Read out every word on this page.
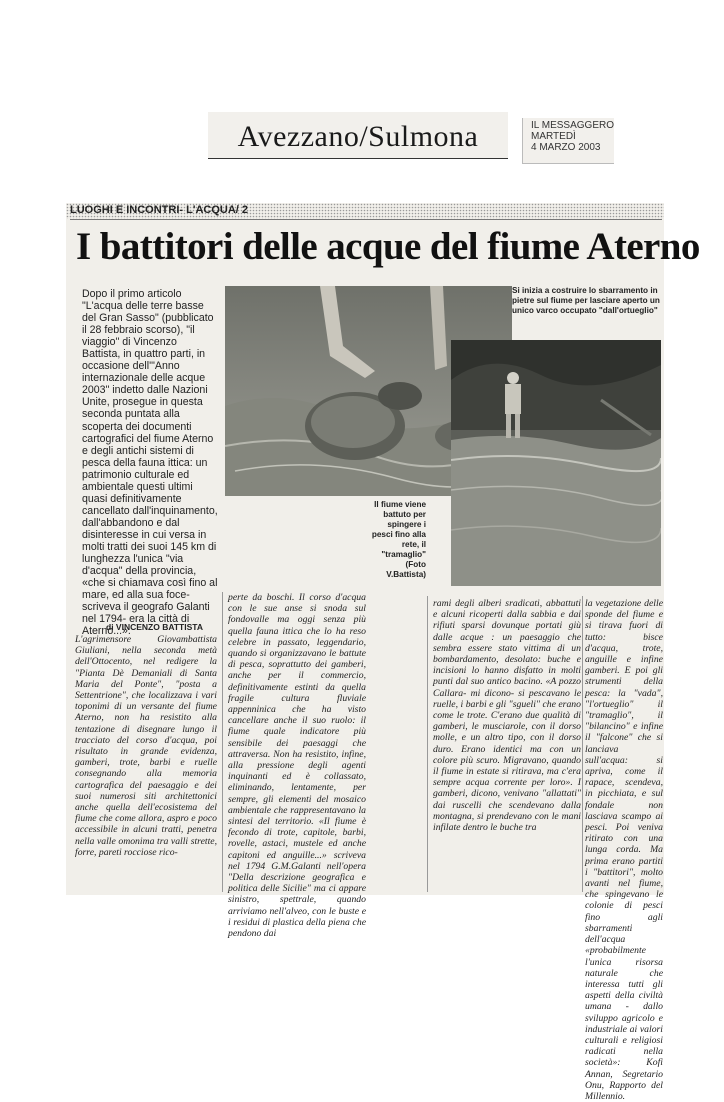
Avezzano/Sulmona	IL MESSAGGERO
MARTEDÌ
4 MARZO 2003
LUOGHI E INCONTRI- L'ACQUA/ 2
I battitori delle acque del fiume Aterno
Dopo il primo articolo "L'acqua delle terre basse del Gran Sasso" (pubblicato il 28 febbraio scorso), "il viaggio" di Vincenzo Battista, in quattro parti, in occasione dell'"Anno internazionale delle acque 2003" indetto dalle Nazioni Unite, prosegue in questa seconda puntata alla scoperta dei documenti cartografici del fiume Aterno e degli antichi sistemi di pesca della fauna ittica: un patrimonio culturale ed ambientale questi ultimi quasi definitivamente cancellato dall'inquinamento, dall'abbandono e dal disinteresse in cui versa in molti tratti dei suoi 145 km di lunghezza l'unica "via d'acqua" della provincia, «che si chiamava così fino al mare, ed alla sua foce-scriveva il geografo Galanti nel 1794- era la città di Aterno...».
di VINCENZO BATTISTA
Si inizia a costruire lo sbarramento in pietre sul fiume per lasciare aperto un unico varco occupato "dall'ortueglio"
Il fiume viene battuto per spingere i pesci fino alla rete, il "tramaglio" (Foto V.Battista)
L'agrimensore Giovambattista Giuliani, nella seconda metà dell'Ottocento, nel redigere la "Pianta Dè Demaniali di Santa Maria del Ponte", "posta a Settentrione", che localizzava i vari toponimi di un versante del fiume Aterno, non ha resistito alla tentazione di disegnare lungo il tracciato del corso d'acqua, poi risultato in grande evidenza, gamberi, trote, barbi e ruelle consegnando alla memoria cartografica del paesaggio e dei suoi numerosi siti architettonici anche quella dell'ecosistema del fiume che come allora, aspro e poco accessibile in alcuni tratti, penetra nella valle omonima tra valli strette, forre, pareti rocciose rico-
perte da boschi. Il corso d'acqua con le sue anse si snoda sul fondovalle ma oggi senza più quella fauna ittica che lo ha reso celebre in passato, leggendario, quando si organizzavano le battute di pesca, soprattutto dei gamberi, anche per il commercio, definitivamente estinti da quella fragile cultura fluviale appenninica che ha visto cancellare anche il suo ruolo: il fiume quale indicatore più sensibile dei paesaggi che attraversa. Non ha resistito, infine, alla pressione degli agenti inquinanti ed è collassato, eliminando, lentamente, per sempre, gli elementi del mosaico ambientale che rappresentavano la sintesi del territorio. «Il fiume è fecondo di trote, capitole, barbi, rovelle, astaci, mustele ed anche capitoni ed anguille...» scriveva nel 1794 G.M.Galanti nell'opera "Della descrizione geografica e politica delle Sicilie" ma ci appare sinistro, spettrale, quando arriviamo nell'alveo, con le buste e i residui di plastica della piena che pendono dai
rami degli alberi sradicati, abbattuti e alcuni ricoperti dalla sabbia e dai rifiuti sparsi dovunque portati giù dalle acque : un paesaggio che sembra essere stato vittima di un bombardamento, desolato: buche e incisioni lo hanno disfatto in molti punti dal suo antico bacino. «A pozzo Callara- mi dicono- si pescavano le ruelle, i barbi e gli "sgueli" che erano come le trote. C'erano due qualità di gamberi, le musciarole, con il dorso molle, e un altro tipo, con il dorso duro. Erano identici ma con un colore più scuro. Migravano, quando il fiume in estate si ritirava, ma c'era sempre acqua corrente per loro». I gamberi, dicono, venivano "allattati" dai ruscelli che scendevano dalla montagna, si prendevano con le mani infilate dentro le buche tra
la vegetazione delle sponde del fiume e si tirava fuori di tutto: bisce d'acqua, trote, anguille e infine gamberi. E poi gli strumenti della pesca: la "vada", "l'ortueglio" il "tramaglio", il "bilancino" e infine il "falcone" che si lanciava sull'acqua: si apriva, come il rapace, scendeva, in picchiata, e sul fondale non lasciava scampo ai pesci. Poi veniva ritirato con una lunga corda. Ma prima erano partiti i "battitori", molto avanti nel fiume, che spingevano le colonie di pesci fino agli sbarramenti dell'acqua «probabilmente l'unica risorsa naturale che interessa tutti gli aspetti della civiltà umana - dallo sviluppo agricolo e industriale ai valori culturali e religiosi radicati nella società»: Kofi Annan, Segretario Onu, Rapporto del Millennio.
